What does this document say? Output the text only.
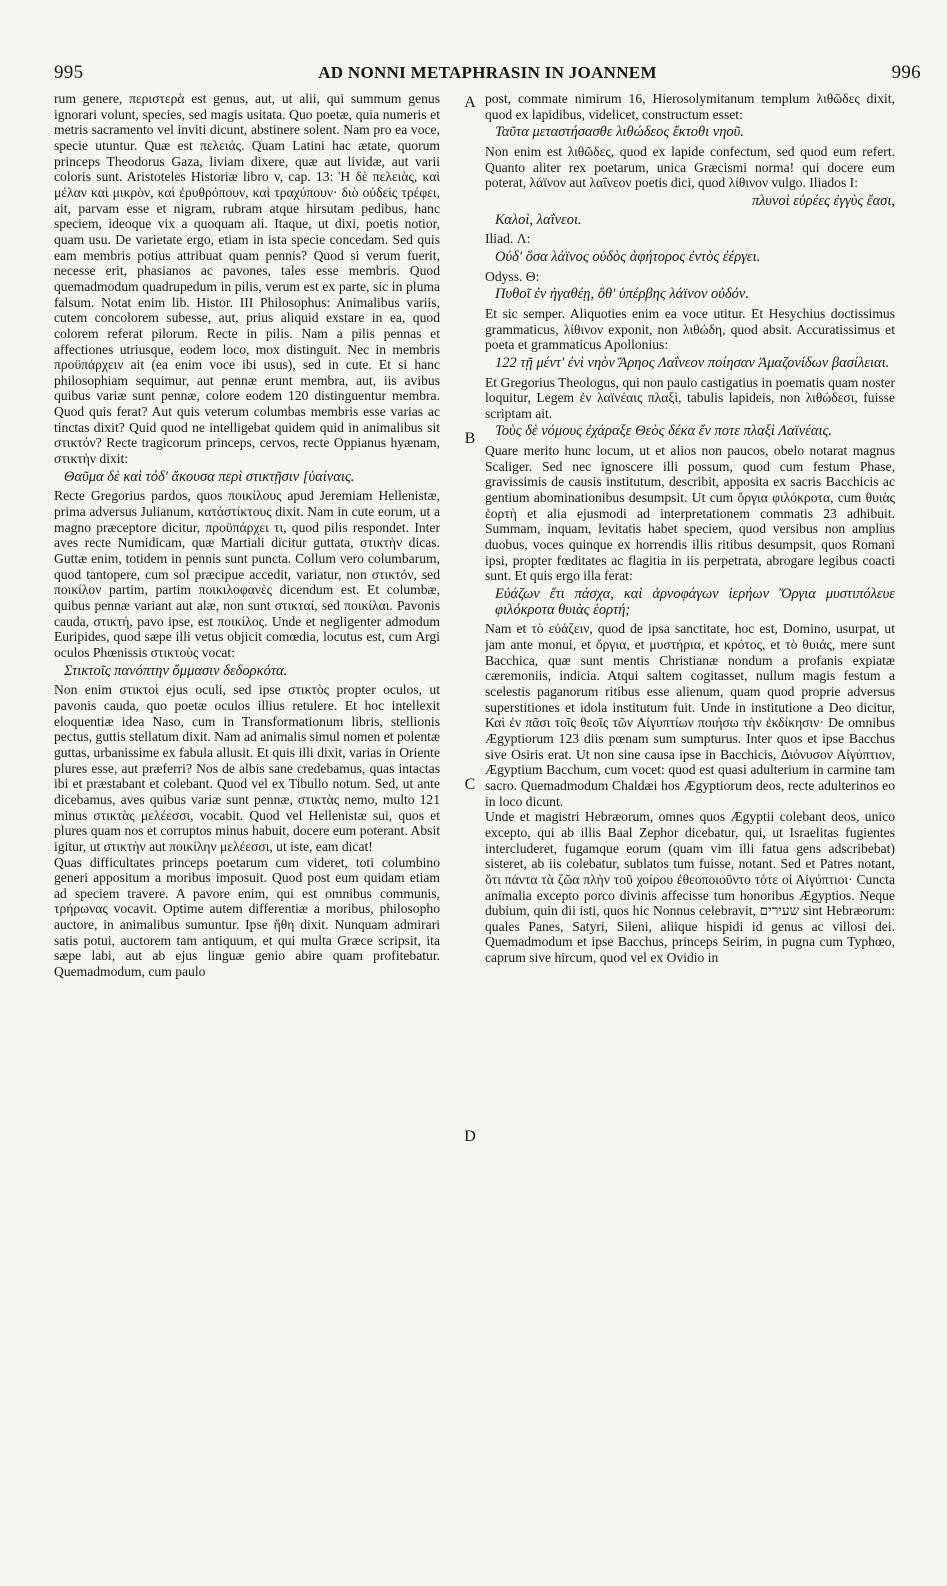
995	AD NONNI METAPHRASIN IN JOANNEM	996

rum genere, περιστερὰ est genus, aut, ut alii, qui summum genus ignorari volunt, species, sed magis usitata. Quo poetæ, quia numeris et metris sacramento vel inviti dicunt, abstinere solent. Nam pro ea voce, specie utuntur. Quæ est πελειάς. Quam Latini hac ætate, quorum princeps Theodorus Gaza, liviam dixere, quæ aut lividæ, aut varii coloris sunt. Aristoteles Historiæ libro v, cap. 13: Ἡ δὲ πελειὰς, καὶ μέλαν καὶ μικρὸν, καὶ ἐρυθρόπουν, καὶ τραχύπουν· διὸ οὐδεὶς τρέφει, ait, parvam esse et nigram, rubram atque hirsutam pedibus, hanc speciem, ideoque vix a quoquam ali. Itaque, ut dixi, poetis notior, quam usu. De varietate ergo, etiam in ista specie concedam. Sed quis eam membris potius attribuat quam pennis? Quod si verum fuerit, necesse erit, phasianos ac pavones, tales esse membris. Quod quemadmodum quadrupedum in pilis, verum est ex parte, sic in pluma falsum. Notat enim lib. Histor. III Philosophus: Animalibus variis, cutem concolorem subesse, aut, prius aliquid exstare in ea, quod colorem referat pilorum. Recte in pilis. Nam a pilis pennas et affectiones utriusque, eodem loco, mox distinguit. Nec in membris προϋπάρχειν ait (ea enim voce ibi usus), sed in cute. Et si hanc philosophiam sequimur, aut pennæ erunt membra, aut, iis avibus quibus variæ sunt pennæ, colore eodem 120 distinguentur membra. Quod quis ferat? Aut quis veterum columbas membris esse varias ac tinctas dixit? Quid quod ne intelligebat quidem quid in animalibus sit στικτόν? Recte tragicorum princeps, cervos, recte Oppianus hyænam, στικτὴν dixit:

Θαῦμα δὲ καὶ τόδ' ἄκουσα περὶ στικτῇσιν [ὑαίναις.

Recte Gregorius pardos, quos ποικίλους apud Jeremiam Hellenistæ, prima adversus Julianum, κατάστίκτους dixit. Nam in cute eorum, ut a magno præceptore dicitur, προϋπάρχει τι, quod pilis respondet. Inter aves recte Numidicam, quæ Martiali dicitur guttata, στικτὴν dicas. Guttæ enim, totidem in pennis sunt puncta. Collum vero columbarum, quod tantopere, cum sol præcipue accedit, variatur, non στικτόν, sed ποικίλον partim, partim ποικιλοφανὲς dicendum est. Et columbæ, quibus pennæ variant aut alæ, non sunt στικταί, sed ποικίλαι. Pavonis cauda, στικτή, pavo ipse, est ποικίλος. Unde et negligenter admodum Euripides, quod sæpe illi vetus objicit comœdia, locutus est, cum Argi oculos Phœnissis στικτοὺς vocat:

Στικτοῖς πανόπτην ὄμμασιν δεδορκότα.

Non enim στικτοὶ ejus oculi, sed ipse στικτὸς propter oculos, ut pavonis cauda, quo poetæ oculos illius retulere. Et hoc intellexit eloquentiæ idea Naso, cum in Transformationum libris, stellionis pectus, guttis stellatum dixit. Nam ad animalis simul nomen et polentæ guttas, urbanissime ex fabula allusit. Et quis illi dixit, varias in Oriente plures esse, aut præferri? Nos de albis sane credebamus, quas intactas ibi et præstabant et colebant. Quod vel ex Tibullo notum. Sed, ut ante dicebamus, aves quibus variæ sunt pennæ, στικτὰς nemo, multo 121 minus στικτὰς μελέεσσι, vocabit. Quod vel Hellenistæ sui, quos et plures quam nos et corruptos minus habuit, docere eum poterant. Absit igitur, ut στικτὴν aut ποικίλην μελέεσσι, ut iste, eam dicat!

Quas difficultates princeps poetarum cum videret, toti columbino generi appositum a moribus imposuit. Quod post eum quidam etiam ad speciem travere. A pavore enim, qui est omnibus communis, τρήρωνας vocavit. Optime autem differentiæ a moribus, philosopho auctore, in animalibus sumuntur. Ipse ἤθη dixit. Nunquam admirari satis potui, auctorem tam antiquum, et qui multa Græce scripsit, ita sæpe labi, aut ab ejus linguæ genio abire quam profitebatur. Quemadmodum, cum paulo

post, commate nimirum 16, Hierosolymitanum templum λιθῶδες dixit, quod ex lapidibus, videlicet, constructum esset:

Ταῦτα μεταστήσασθε λιθώδεος ἔκτοθι νηοῦ.

Non enim est λιθῶδες, quod ex lapide confectum, sed quod eum refert. Quanto aliter rex poetarum, unica Græcismi norma! qui docere eum poterat, λάϊνον aut λαΐνεον poetis dici, quod λίθινον vulgo. Iliados I:

πλυνοὶ εὐρέες ἐγγὺς ἔασι,

Καλοὶ, λαΐνεοι.

Iliad. Λ:

Οὐδ' ὅσα λάϊνος οὐδὸς ἀφήτορος ἐντὸς ἐέργει.

Odyss. Θ:

Πυθοῖ ἐν ἠγαθέῃ, ὅθ' ὑπέρβης λάϊνον οὐδόν.

Et sic semper. Aliquoties enim ea voce utitur. Et Hesychius doctissimus grammaticus, λίθινον exponit, non λιθώδη, quod absit. Accuratissimus et poeta et grammaticus Apollonius:

122 τῇ μέντ' ἐνὶ νηὸν Ἄρηος Λαΐνεον ποίησαν Ἀμαζονίδων βασίλειαι.

Et Gregorius Theologus, qui non paulo castigatius in poematis quam noster loquitur, Legem ἐν λαϊνέαις πλαξὶ, tabulis lapideis, non λιθώδεσι, fuisse scriptam ait.

Τοὺς δὲ νόμους ἐχάραξε Θεὸς δέκα ἔν ποτε πλαξὶ Λαϊνέαις.

Quare merito hunc locum, ut et alios non paucos, obelo notarat magnus Scaliger. Sed nec ignoscere illi possum, quod cum festum Phase, gravissimis de causis institutum, describit, apposita ex sacris Bacchicis ac gentium abominationibus desumpsit. Ut cum ὄργια φιλόκροτα, cum θυιὰς ἑορτὴ et alia ejusmodi ad interpretationem commatis 23 adhibuit. Summam, inquam, levitatis habet speciem, quod versibus non amplius duobus, voces quinque ex horrendis illis ritibus desumpsit, quos Romani ipsi, propter fœditates ac flagitia in iis perpetrata, abrogare legibus coacti sunt. Et quis ergo illa ferat:

Εὐάζων ἔτι πάσχα, καὶ ἀρνοφάγων ἱερήων Ὄργια μυστιπόλευε φιλόκροτα θυιὰς ἑορτή;

Nam et τὸ εὐάζειν, quod de ipsa sanctitate, hoc est, Domino, usurpat, ut jam ante monui, et ὄργια, et μυστήρια, et κρότος, et τὸ θυιάς, mere sunt Bacchica, quæ sunt mentis Christianæ nondum a profanis expiatæ cæremoniis, indicia. Atqui saltem cogitasset, nullum magis festum a scelestis paganorum ritibus esse alienum, quam quod proprie adversus superstitiones et idola institutum fuit. Unde in institutione a Deo dicitur, Καὶ ἐν πᾶσι τοῖς θεοῖς τῶν Αἰγυπτίων ποιήσω τὴν ἐκδίκησιν· De omnibus Ægyptiorum 123 diis pœnam sum sumpturus. Inter quos et ipse Bacchus sive Osiris erat. Ut non sine causa ipse in Bacchicis, Διόνυσον Αἰγύπτιον, Ægyptium Bacchum, cum vocet: quod est quasi adulterium in carmine tam sacro. Quemadmodum Chaldæi hos Ægyptiorum deos, recte adulterinos eo in loco dicunt.

Unde et magistri Hebræorum, omnes quos Ægyptii colebant deos, unico excepto, qui ab illis Baal Zephor dicebatur, qui, ut Israelitas fugientes intercluderet, fugamque eorum (quam vim illi fatua gens adscribebat) sisteret, ab iis colebatur, sublatos tum fuisse, notant. Sed et Patres notant, ὅτι πάντα τὰ ζῶα πλὴν τοῦ χοίρου ἐθεοποιοῦντο τότε οἱ Αἰγύπτιοι· Cuncta animalia excepto porco divinis affecisse tum honoribus Ægyptios. Neque dubium, quin dii isti, quos hic Nonnus celebravit, שעירים sint Hebræorum: quales Panes, Satyri, Sileni, aliique hispidi id genus ac villosi dei. Quemadmodum et ipse Bacchus, princeps Seirim, in pugna cum Typhœo, caprum sive hircum, quod vel ex Ovidio in

A
B
C
D
